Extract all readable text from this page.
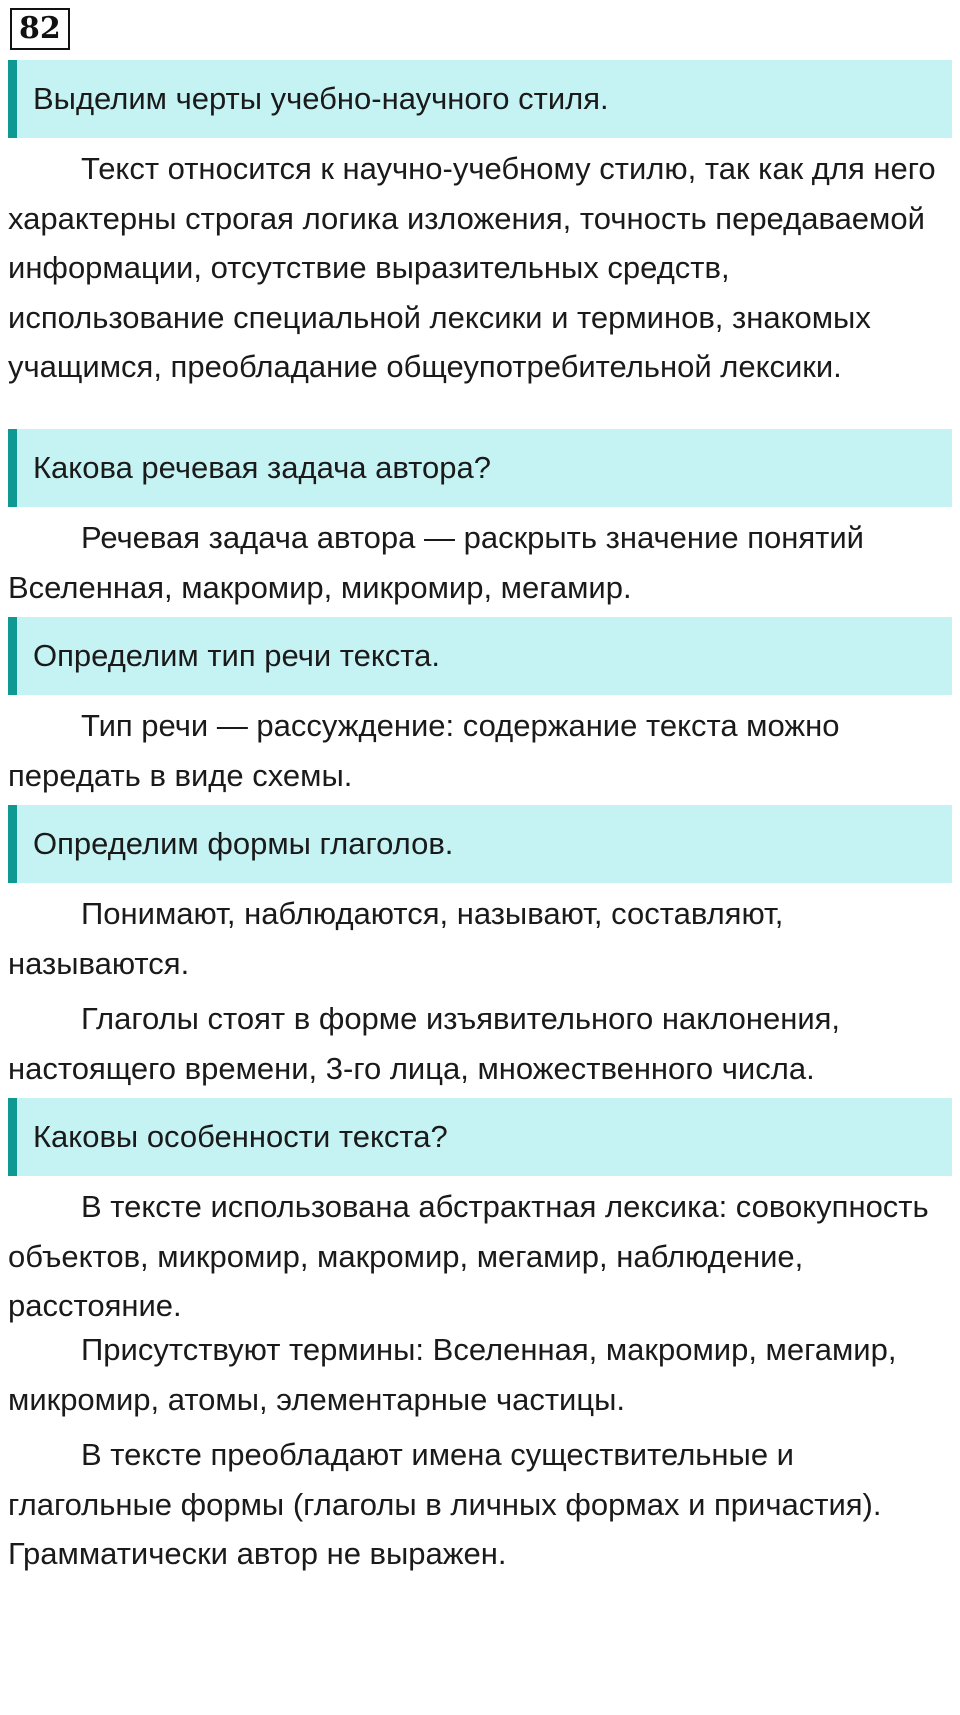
82
Выделим черты учебно-научного стиля.

Текст относится к научно-учебному стилю, так как для него характерны строгая логика изложения, точность передаваемой информации, отсутствие выразительных средств, использование специальной лексики и терминов, знакомых учащимся, преобладание общеупотребительной лексики.

Какова речевая задача автора?

Речевая задача автора — раскрыть значение понятий Вселенная, макромир, микромир, мегамир.

Определим тип речи текста.

Тип речи — рассуждение: содержание текста можно передать в виде схемы.

Определим формы глаголов.

Понимают, наблюдаются, называют, составляют, называются.

Глаголы стоят в форме изъявительного наклонения, настоящего времени, 3-го лица, множественного числа.

Каковы особенности текста?

В тексте использована абстрактная лексика: совокупность объектов, микромир, макромир, мегамир, наблюдение, расстояние.

Присутствуют термины: Вселенная, макромир, мегамир, микромир, атомы, элементарные частицы.

В тексте преобладают имена существительные и глагольные формы (глаголы в личных формах и причастия). Грамматически автор не выражен.
